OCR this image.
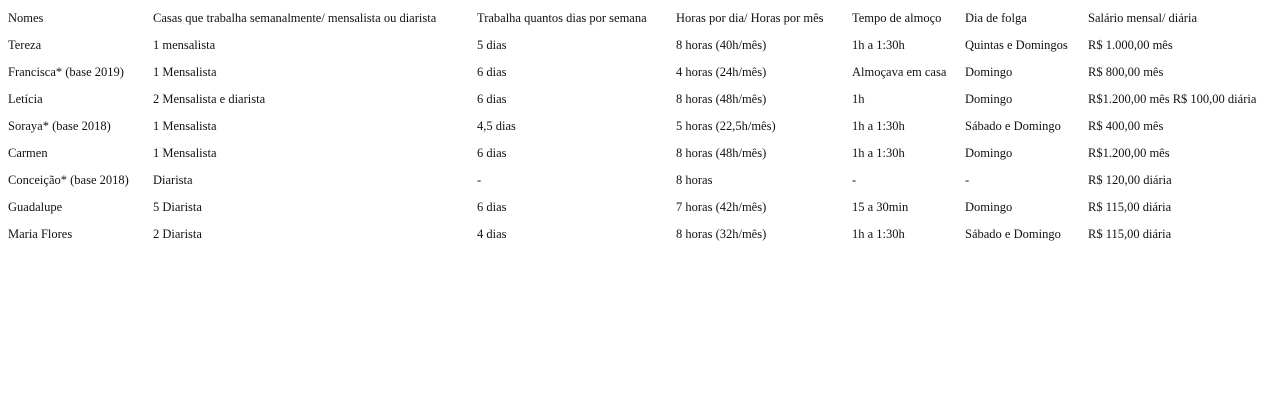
Nomes	Casas que trabalha semanalmente/ mensalista ou diarista	Trabalha quantos dias por semana	Horas por dia/ Horas por mês	Tempo de almoço	Dia de folga	Salário mensal/ diária
Tereza	1 mensalista	5 dias	8 horas (40h/mês)	1h a 1:30h	Quintas e Domingos	R$ 1.000,00 mês
Francisca* (base 2019)	1 Mensalista	6 dias	4 horas (24h/mês)	Almoçava em casa	Domingo	R$ 800,00 mês
Letícia	2 Mensalista e diarista	6 dias	8 horas (48h/mês)	1h	Domingo	R$1.200,00 mês R$ 100,00 diária
Soraya* (base 2018)	1 Mensalista	4,5 dias	5 horas (22,5h/mês)	1h a 1:30h	Sábado e Domingo	R$ 400,00 mês
Carmen	1 Mensalista	6 dias	8 horas (48h/mês)	1h a 1:30h	Domingo	R$1.200,00 mês
Conceição* (base 2018)	Diarista	-	8 horas	-	-	R$ 120,00 diária
Guadalupe	5 Diarista	6 dias	7 horas (42h/mês)	15 a 30min	Domingo	R$ 115,00 diária
Maria Flores	2 Diarista	4 dias	8 horas (32h/mês)	1h a 1:30h	Sábado e Domingo	R$ 115,00 diária
